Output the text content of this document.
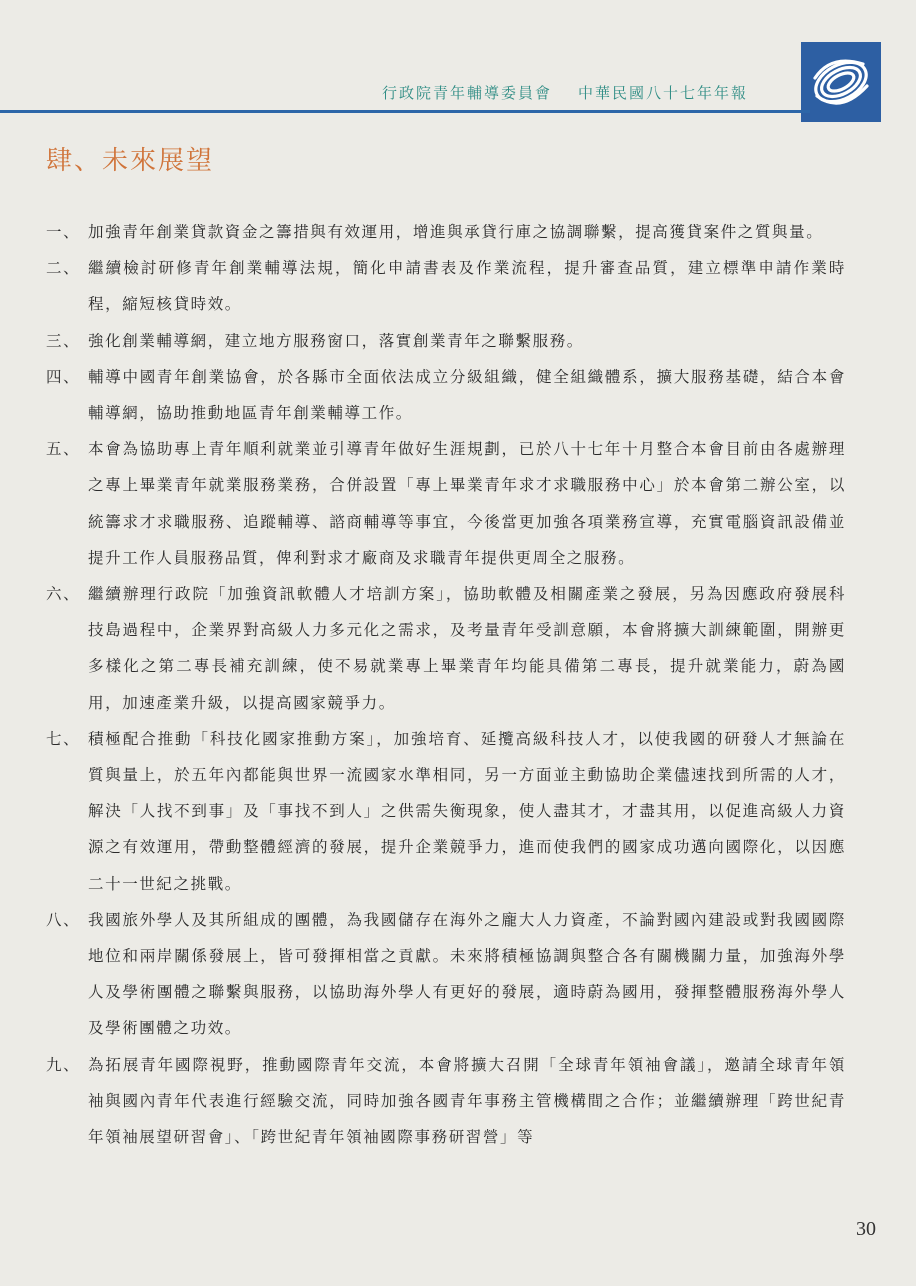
行政院青年輔導委員會 中華民國八十七年年報
肆、未來展望
一、 加強青年創業貸款資金之籌措與有效運用，增進與承貸行庫之協調聯繫，提高獲貸案件之質與量。
二、 繼續檢討研修青年創業輔導法規，簡化申請書表及作業流程，提升審查品質，建立標準申請作業時程，縮短核貸時效。
三、 強化創業輔導網，建立地方服務窗口，落實創業青年之聯繫服務。
四、 輔導中國青年創業協會，於各縣市全面依法成立分級組織，健全組織體系，擴大服務基礎，結合本會輔導網，協助推動地區青年創業輔導工作。
五、 本會為協助專上青年順利就業並引導青年做好生涯規劃，已於八十七年十月整合本會目前由各處辦理之專上畢業青年就業服務業務，合併設置「專上畢業青年求才求職服務中心」於本會第二辦公室，以統籌求才求職服務、追蹤輔導、諮商輔導等事宜，今後當更加強各項業務宣導，充實電腦資訊設備並提升工作人員服務品質，俾利對求才廠商及求職青年提供更周全之服務。
六、 繼續辦理行政院「加強資訊軟體人才培訓方案」，協助軟體及相關產業之發展，另為因應政府發展科技島過程中，企業界對高級人力多元化之需求，及考量青年受訓意願，本會將擴大訓練範圍，開辦更多樣化之第二專長補充訓練，使不易就業專上畢業青年均能具備第二專長，提升就業能力，蔚為國用，加速產業升級，以提高國家競爭力。
七、 積極配合推動「科技化國家推動方案」，加強培育、延攬高級科技人才，以使我國的研發人才無論在質與量上，於五年內都能與世界一流國家水準相同，另一方面並主動協助企業儘速找到所需的人才，解決「人找不到事」及「事找不到人」之供需失衡現象，使人盡其才，才盡其用，以促進高級人力資源之有效運用，帶動整體經濟的發展，提升企業競爭力，進而使我們的國家成功邁向國際化，以因應二十一世紀之挑戰。
八、 我國旅外學人及其所組成的團體，為我國儲存在海外之龐大人力資產，不論對國內建設或對我國國際地位和兩岸關係發展上，皆可發揮相當之貢獻。未來將積極協調與整合各有關機關力量，加強海外學人及學術團體之聯繫與服務，以協助海外學人有更好的發展，適時蔚為國用，發揮整體服務海外學人及學術團體之功效。
九、 為拓展青年國際視野，推動國際青年交流，本會將擴大召開「全球青年領袖會議」，邀請全球青年領袖與國內青年代表進行經驗交流，同時加強各國青年事務主管機構間之合作；並繼續辦理「跨世紀青年領袖展望研習會」、「跨世紀青年領袖國際事務研習營」等
30
